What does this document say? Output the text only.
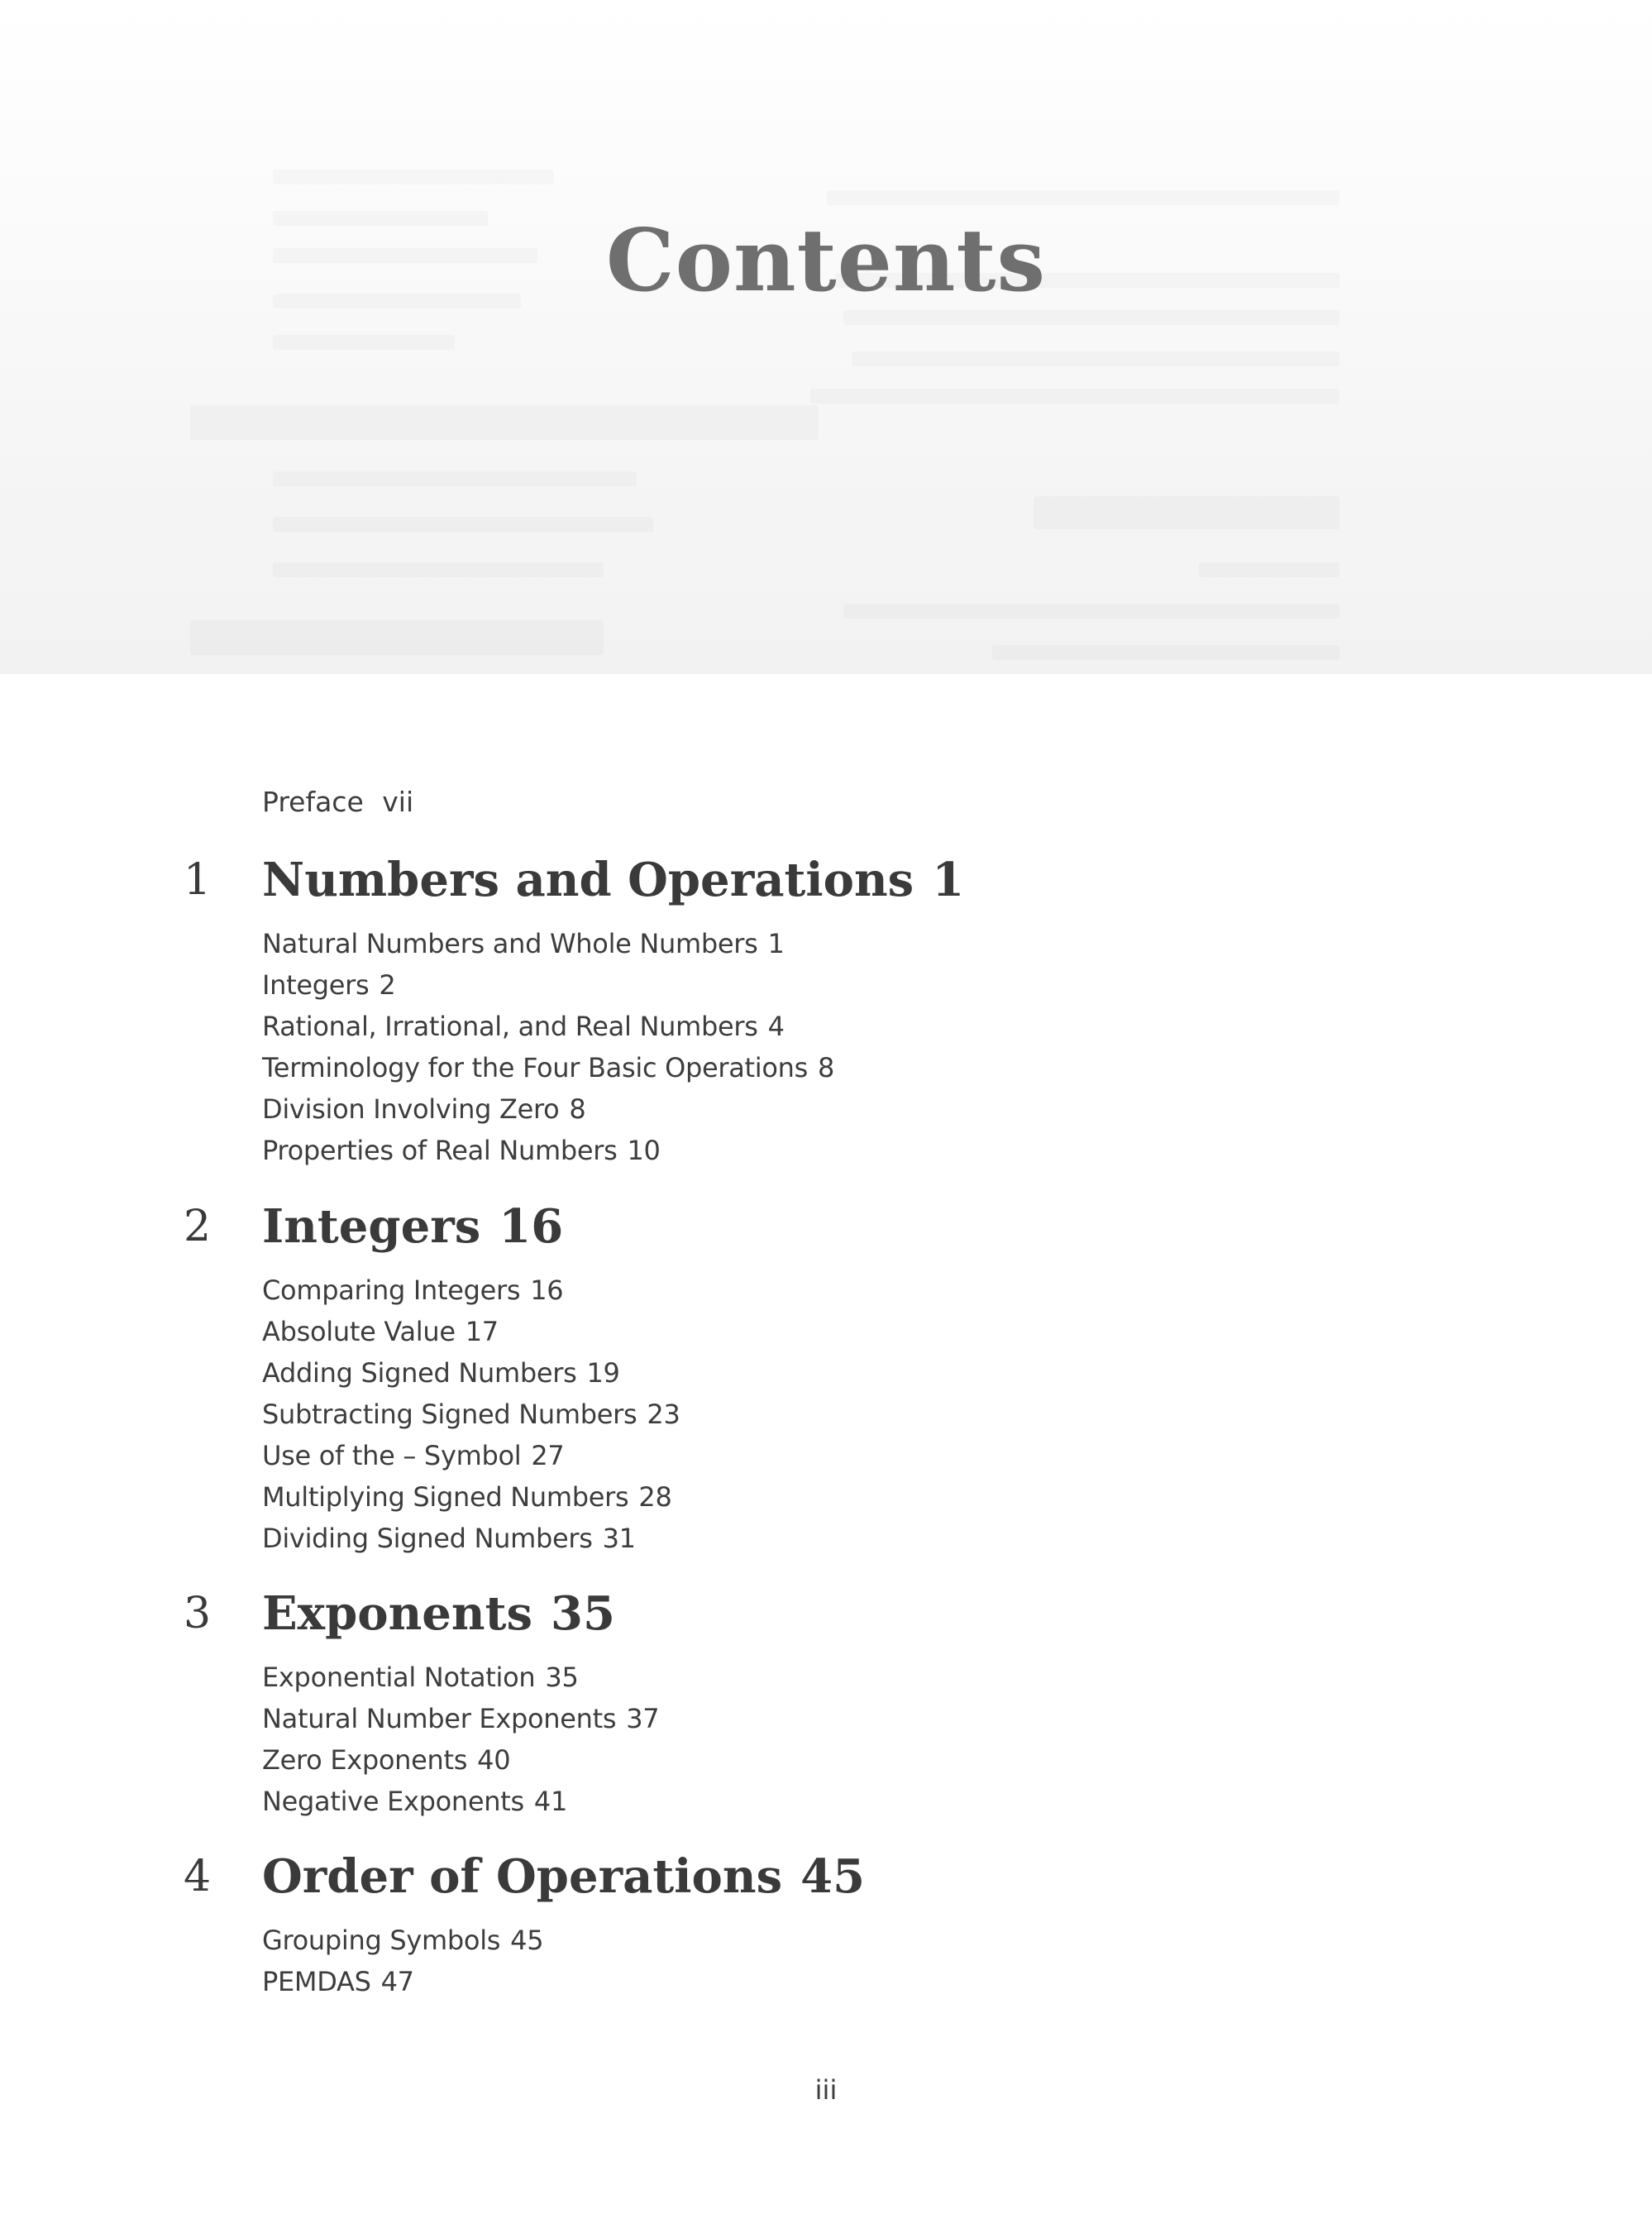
Contents
Preface vii
1 Numbers and Operations 1
Natural Numbers and Whole Numbers 1
Integers 2
Rational, Irrational, and Real Numbers 4
Terminology for the Four Basic Operations 8
Division Involving Zero 8
Properties of Real Numbers 10
2 Integers 16
Comparing Integers 16
Absolute Value 17
Adding Signed Numbers 19
Subtracting Signed Numbers 23
Use of the – Symbol 27
Multiplying Signed Numbers 28
Dividing Signed Numbers 31
3 Exponents 35
Exponential Notation 35
Natural Number Exponents 37
Zero Exponents 40
Negative Exponents 41
4 Order of Operations 45
Grouping Symbols 45
PEMDAS 47
iii
